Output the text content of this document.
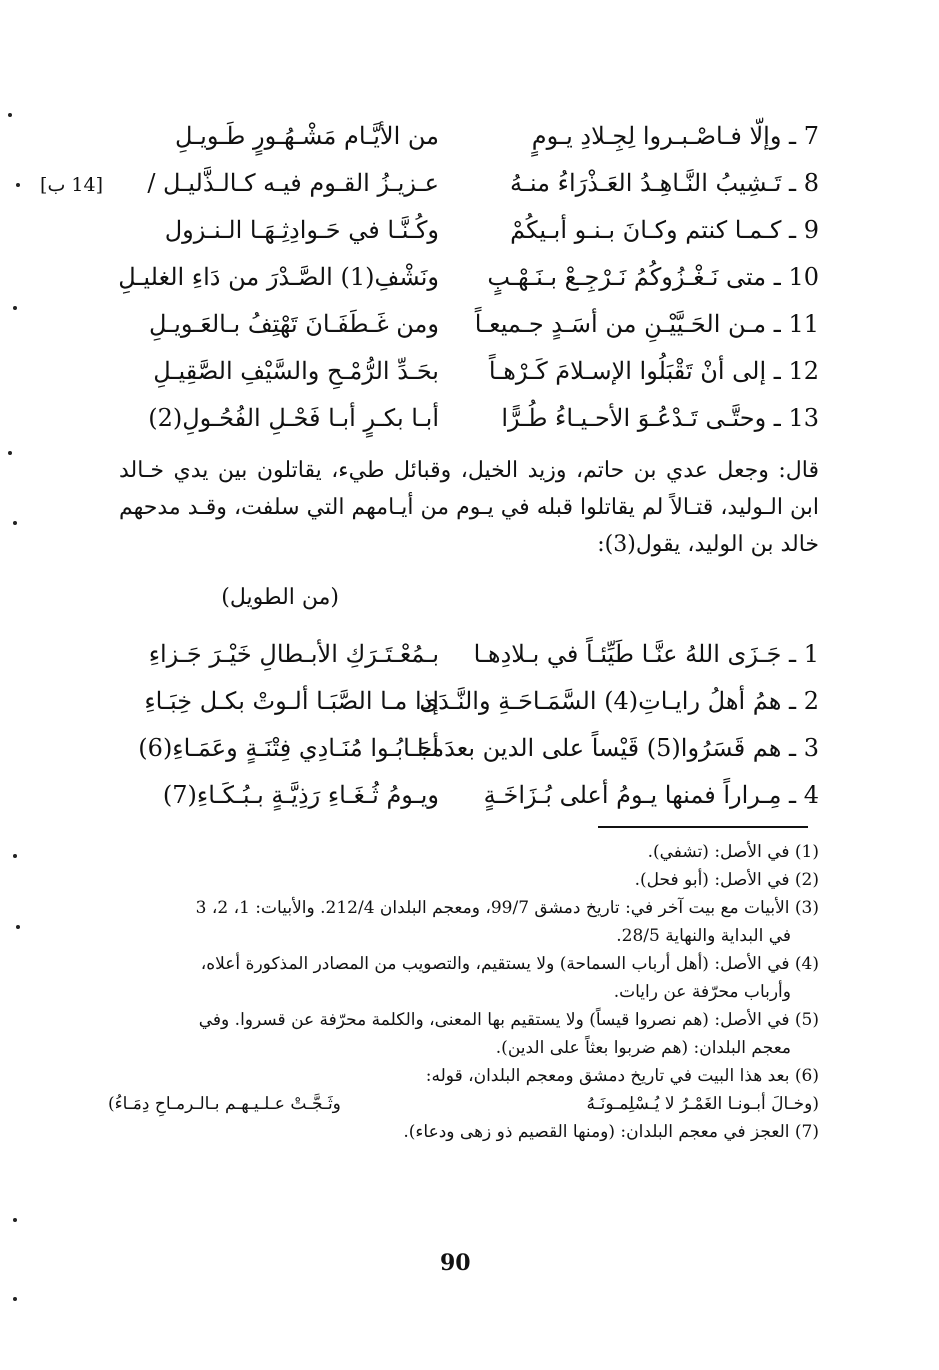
[14 ب]
7 ـ وإلّا فـاصْـبـروا لِجِـلادِ يـومٍ
من الأيَّـام مَشْـهُـورٍ طَـويـلِ
8 ـ تَـشِيبُ النَّـاهِـدُ العَـذْرَاءُ منـهُ
عـزيـزُ القـوم فيـه كـالـذَّليـل /
9 ـ كـمـا كنتم وكـانَ بـنـو أبـيكُمْ
وكُـنَّـا في حَـوادِثِـهَـا الـنـزول
10 ـ متى نَـغْـزُوكُمُ نَـرْجِـعْ بـنَـهْـبٍ
ونَشْفِ(1) الصَّـدْرَ من دَاءِ الغليـلِ
11 ـ مـن الحَـيَّيْـنِ من أسَـدٍ جـميعـاً
ومن غَـطَفَـانَ تَهْتِفُ بـالعَـويـلِ
12 ـ إلى أنْ تَقْبَلُوا الإسـلامَ كَـرْهـاً
بحَـدِّ الرُّمْـحِ والسَّيْفِ الصَّقِيـلِ
13 ـ وحتَّـى تَـدْعُـوَ الأحـيـاءُ طُـرًّا
أبـا بكـرٍ أبـا فَحْـلِ الفُحُـولِ(2)
قال: وجعل عدي بن حاتم، وزيد الخيل، وقبائل طيء، يقاتلون بين يدي خـالد ابن الـوليد، قتـالاً لم يقاتلوا قبله في يـوم من أيـامهم التي سلفت، وقـد مدحهم خالد بن الوليد، يقول(3):
(من الطويل)
1 ـ جَـزَى اللهُ عنَّـا طَيِّئـاً في بـلادِهـا
بـمُعْـتَـرَكِ الأبـطالِ خَيْـرَ جَـزاءِ
2 ـ همُ أهلُ رايـاتِ(4) السَّمَـاحَـةِ والنَّـدَى
إذا مـا الصَّبَـا ألـوتْ بكـل خِبَـاءِ
3 ـ هم قَسَرُوا(5) قَيْساً على الدين بعدَمـا
أجَـابُـوا مُنَـادِي فِتْنَـةٍ وعَمَـاءِ(6)
4 ـ مِـراراً فمنها يـومُ أعلى بُـزَاخَـةٍ
ويـومُ ثُـغَـاءِ رَذِيَّـةٍ بـبُـكَـاءِ(7)
(1) في الأصل: (تشفي).
(2) في الأصل: (أبو فحل).
(3) الأبيات مع بيت آخر في: تاريخ دمشق 99/7، ومعجم البلدان 212/4. والأبيات: 1، 2، 3
في البداية والنهاية 28/5.
(4) في الأصل: (أهل أرباب السماحة) ولا يستقيم، والتصويب من المصادر المذكورة أعلاه،
وأرباب محرّفة عن رايات.
(5) في الأصل: (هم نصروا قيساً) ولا يستقيم بها المعنى، والكلمة محرّفة عن قسروا. وفي
معجم البلدان: (هم ضربوا بعثاً على الدين).
(6) بعد هذا البيت في تاريخ دمشق ومعجم البلدان، قوله:
(وخـالَ أبـونـا الغَمْـرُ لا يُـسْلِمـونَـهُ
وثَـجَّـتْ عـلـيـهـم بـالـرمـاحِ دِمَـاءُ)
(7) العجز في معجم البلدان: (ومنها القصيم ذو زهى ودعاء).
90
